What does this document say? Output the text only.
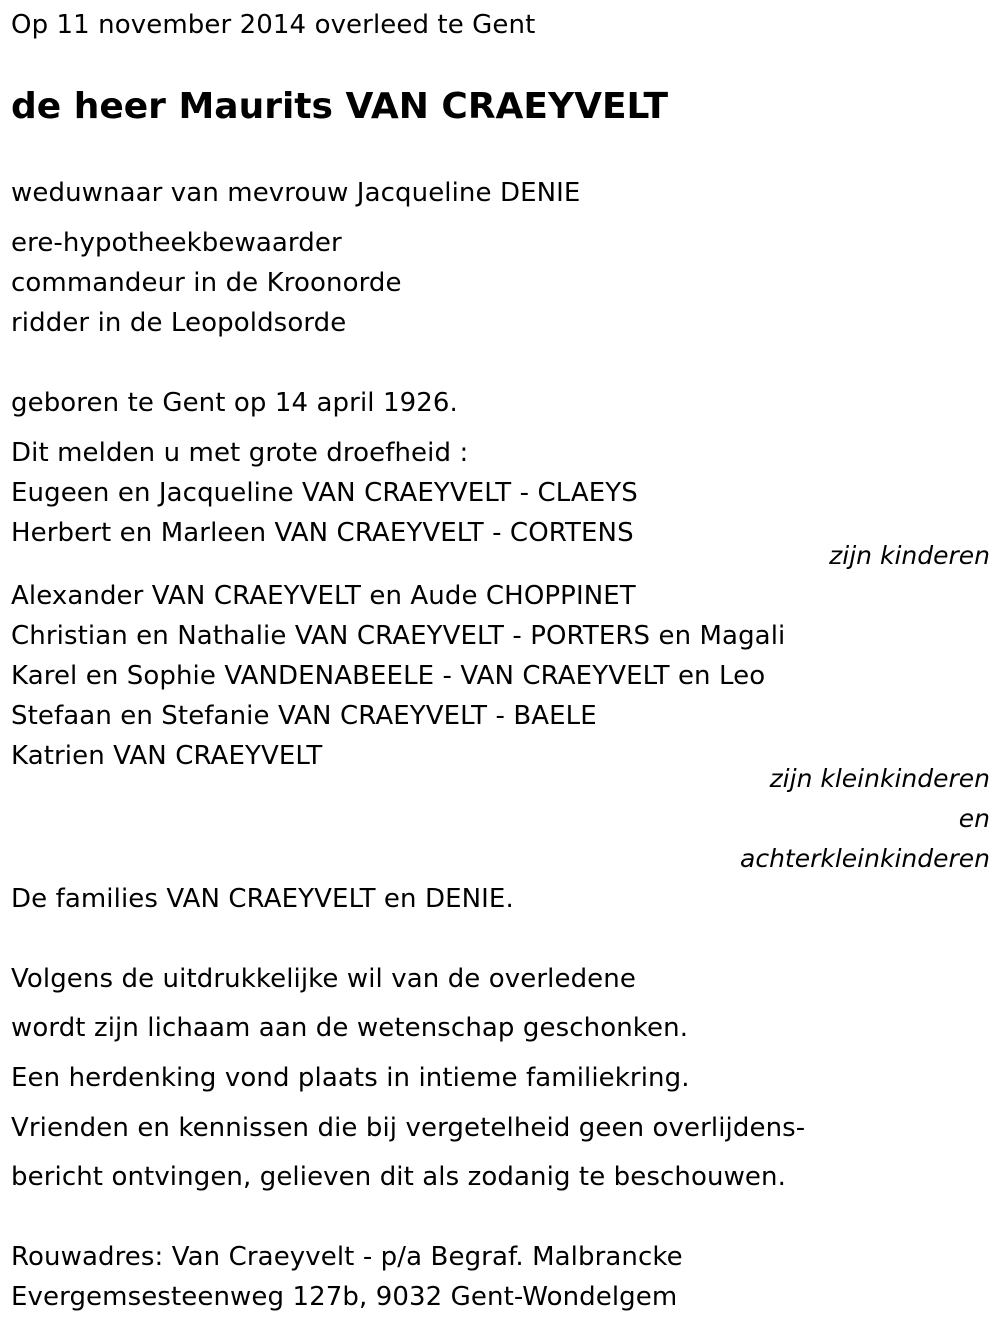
Op 11 november 2014 overleed te Gent
de heer Maurits VAN CRAEYVELT
weduwnaar van mevrouw Jacqueline DENIE
ere-hypotheekbewaarder
commandeur in de Kroonorde
ridder in de Leopoldsorde
geboren te Gent op 14 april 1926.
Dit melden u met grote droefheid :
Eugeen en Jacqueline VAN CRAEYVELT - CLAEYS
Herbert en Marleen VAN CRAEYVELT - CORTENS
zijn kinderen
Alexander VAN CRAEYVELT en Aude CHOPPINET
Christian en Nathalie VAN CRAEYVELT - PORTERS en Magali
Karel en Sophie VANDENABEELE - VAN CRAEYVELT en Leo
Stefaan en Stefanie VAN CRAEYVELT - BAELE
Katrien VAN CRAEYVELT
zijn kleinkinderen
en
achterkleinkinderen
De families VAN CRAEYVELT en DENIE.
Volgens de uitdrukkelijke wil van de overledene
wordt zijn lichaam aan de wetenschap geschonken.
Een herdenking vond plaats in intieme familiekring.
Vrienden en kennissen die bij vergetelheid geen overlijdens-
bericht ontvingen, gelieven dit als zodanig te beschouwen.
Rouwadres: Van Craeyvelt - p/a Begraf. Malbrancke
Evergemsesteenweg 127b, 9032 Gent-Wondelgem
